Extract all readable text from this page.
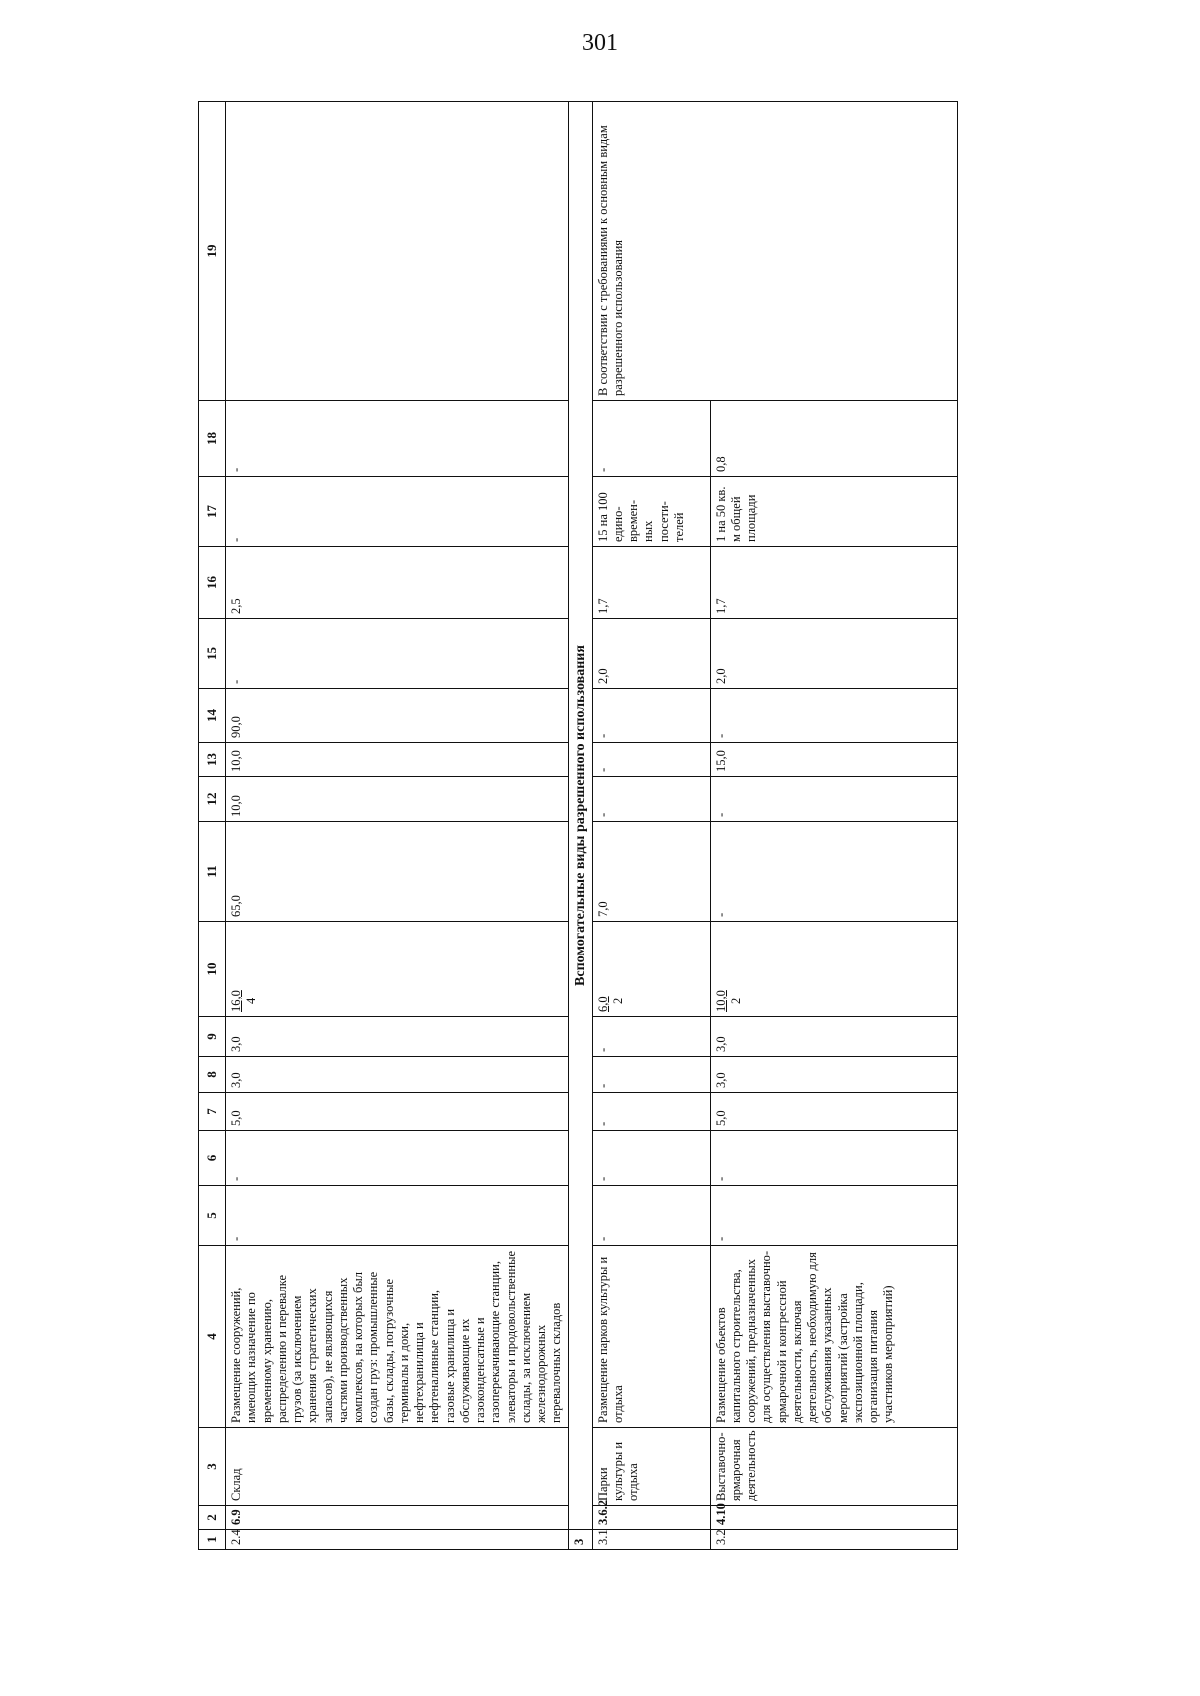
301
1	2	3	4	5	6	7	8	9	10	11	12	13	14	15	16	17	18	19
2.4	6.9	Склад	Размещение сооружений, имеющих назначение по временному хранению, распределению и перевалке грузов (за исключением хранения стратегических запасов), не являющихся частями производственных комплексов, на которых был создан груз: промышленные базы, склады, погрузочные терминалы и доки, нефтехранилища и нефтеналивные станции, газовые хранилища и обслуживающие их газоконденсатные и газоперекачивающие станции, элеваторы и продовольственные склады, за исключением железнодорожных перевалочных складов	-	-	5,0	3,0	3,0	16,0 4	65,0	10,0	10,0	90,0	-	2,5	-	-	
3	Вспомогательные виды разрешенного использования																	
3.1	3.6.2	Парки культуры и отдыха	Размещение парков культуры и отдыха	-	-	-	-	-	6,0 2	7,0	-	-	-	2,0	1,7	15 на 100 едино-времен-ных посети-телей	-	В соответствии с требованиями к основным видам разрешенного использования
3.2	4.10	Выставочно-ярмарочная деятельность	Размещение объектов капитального строительства, сооружений, предназначенных для осуществления выставочно-ярмарочной и конгрессной деятельности, включая деятельность, необходимую для обслуживания указанных мероприятий (застройка экспозиционной площади, организация питания участников мероприятий)	-	-	5,0	3,0	3,0	10,0 2	-	-	15,0	-	2,0	1,7	1 на 50 кв. м общей площади	0,8	
